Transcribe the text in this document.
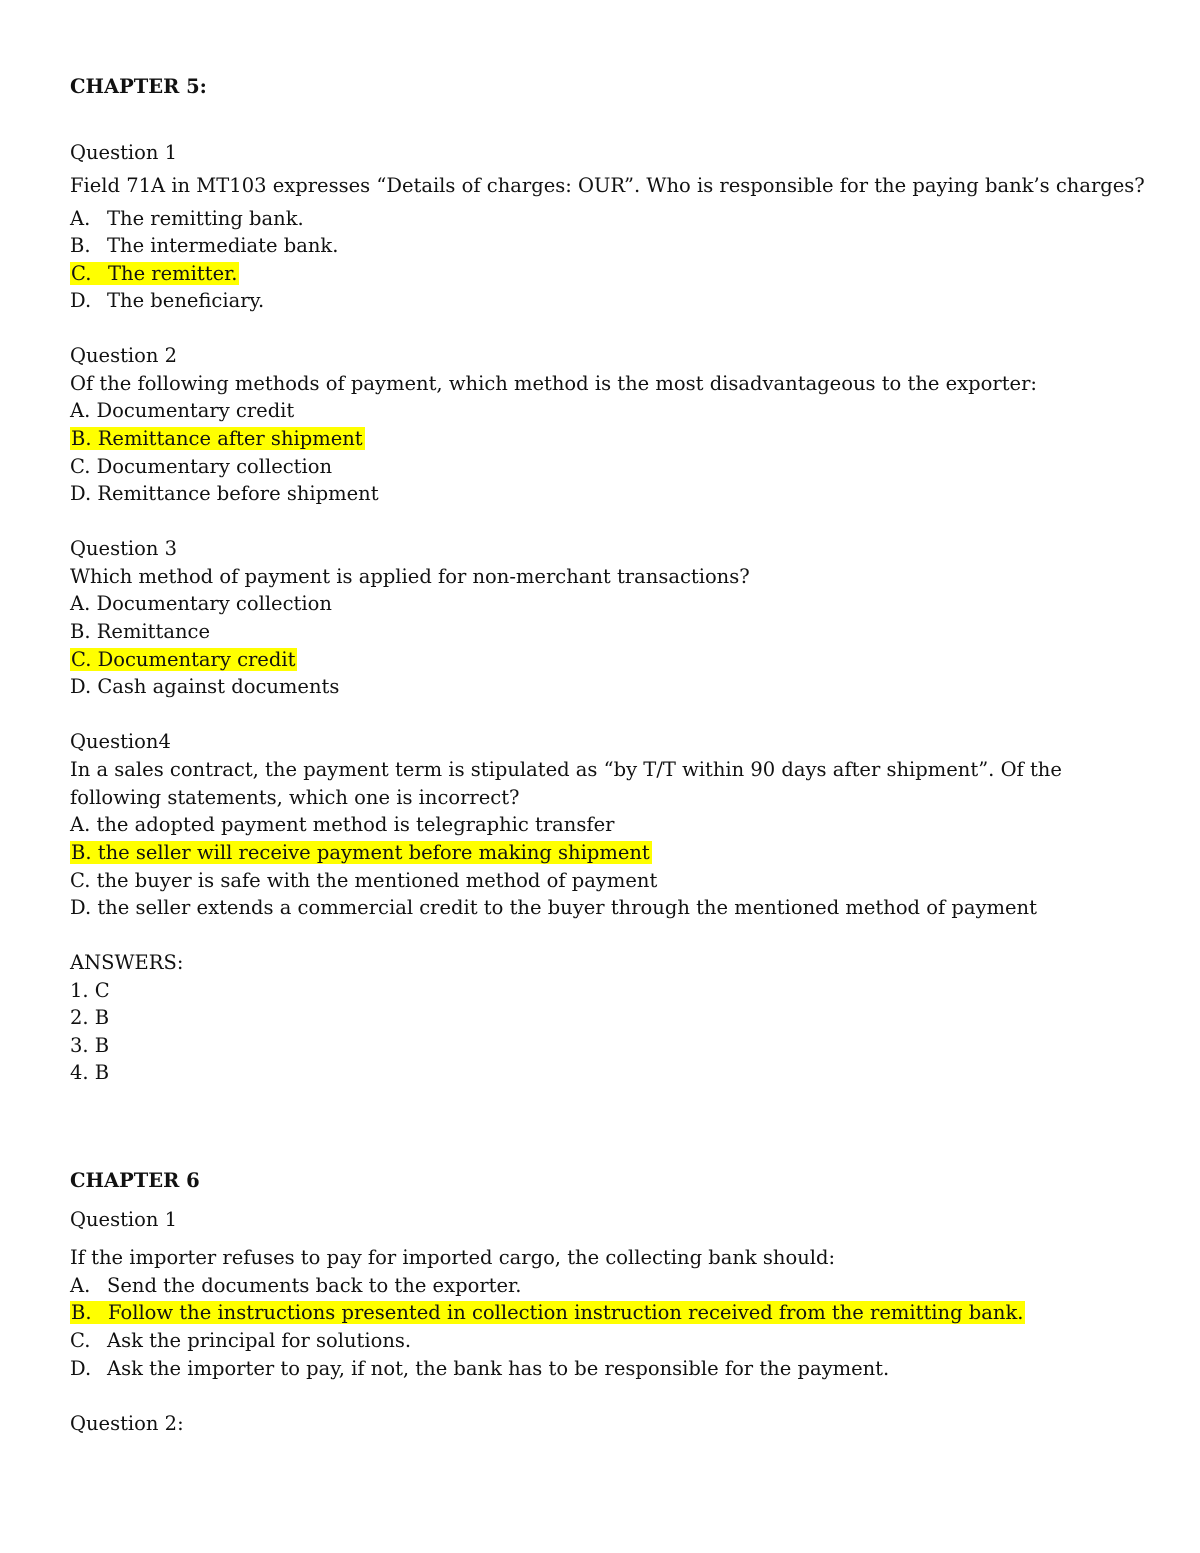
CHAPTER 5:
Question 1
Field 71A in MT103 expresses “Details of charges: OUR”. Who is responsible for the paying bank’s charges?
A. The remitting bank.
B. The intermediate bank.
C. The remitter.
D. The beneficiary.
Question 2
Of the following methods of payment, which method is the most disadvantageous to the exporter:
A. Documentary credit
B. Remittance after shipment
C. Documentary collection
D. Remittance before shipment
Question 3
Which method of payment is applied for non-merchant transactions?
A. Documentary collection
B. Remittance
C. Documentary credit
D. Cash against documents
Question4
In a sales contract, the payment term is stipulated as “by T/T within 90 days after shipment”. Of the
following statements, which one is incorrect?
A. the adopted payment method is telegraphic transfer
B. the seller will receive payment before making shipment
C. the buyer is safe with the mentioned method of payment
D. the seller extends a commercial credit to the buyer through the mentioned method of payment
ANSWERS:
1. C
2. B
3. B
4. B
CHAPTER 6
Question 1
If the importer refuses to pay for imported cargo, the collecting bank should:
A. Send the documents back to the exporter.
B. Follow the instructions presented in collection instruction received from the remitting bank.
C. Ask the principal for solutions.
D. Ask the importer to pay, if not, the bank has to be responsible for the payment.
Question 2:
